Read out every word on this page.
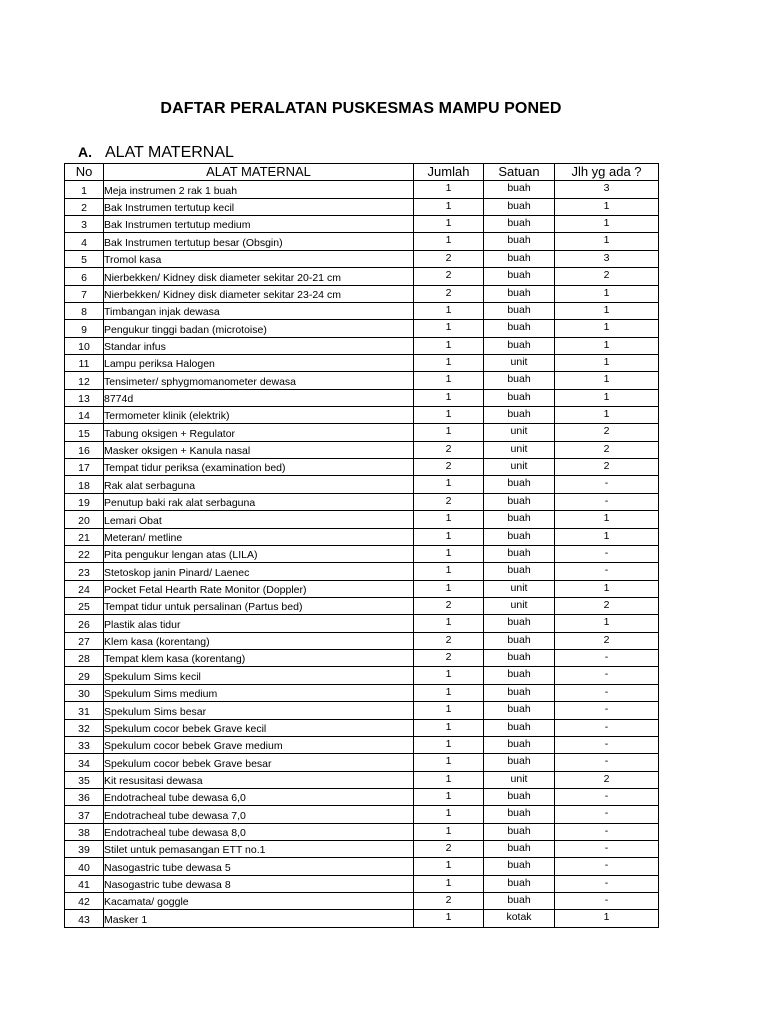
DAFTAR PERALATAN PUSKESMAS MAMPU PONED
A. ALAT MATERNAL
No	ALAT MATERNAL	Jumlah	Satuan	Jlh yg ada ?
1	Meja instrumen 2 rak 1 buah	1	buah	3
2	Bak Instrumen tertutup kecil	1	buah	1
3	Bak Instrumen tertutup medium	1	buah	1
4	Bak Instrumen tertutup besar (Obsgin)	1	buah	1
5	Tromol kasa	2	buah	3
6	Nierbekken/ Kidney disk diameter sekitar 20-21 cm	2	buah	2
7	Nierbekken/ Kidney disk diameter sekitar 23-24 cm	2	buah	1
8	Timbangan injak dewasa	1	buah	1
9	Pengukur tinggi badan (microtoise)	1	buah	1
10	Standar infus	1	buah	1
11	Lampu periksa Halogen	1	unit	1
12	Tensimeter/ sphygmomanometer dewasa	1	buah	1
13	8774d	1	buah	1
14	Termometer klinik (elektrik)	1	buah	1
15	Tabung oksigen + Regulator	1	unit	2
16	Masker oksigen + Kanula nasal	2	unit	2
17	Tempat tidur periksa (examination bed)	2	unit	2
18	Rak alat serbaguna	1	buah	-
19	Penutup baki rak alat serbaguna	2	buah	-
20	Lemari Obat	1	buah	1
21	Meteran/ metline	1	buah	1
22	Pita pengukur lengan atas (LILA)	1	buah	-
23	Stetoskop janin Pinard/ Laenec	1	buah	-
24	Pocket Fetal Hearth Rate Monitor (Doppler)	1	unit	1
25	Tempat tidur untuk persalinan (Partus bed)	2	unit	2
26	Plastik alas tidur	1	buah	1
27	Klem kasa (korentang)	2	buah	2
28	Tempat klem kasa (korentang)	2	buah	-
29	Spekulum Sims kecil	1	buah	-
30	Spekulum Sims medium	1	buah	-
31	Spekulum Sims besar	1	buah	-
32	Spekulum cocor bebek Grave kecil	1	buah	-
33	Spekulum cocor bebek Grave medium	1	buah	-
34	Spekulum cocor bebek Grave besar	1	buah	-
35	Kit resusitasi dewasa	1	unit	2
36	Endotracheal tube dewasa 6,0	1	buah	-
37	Endotracheal tube dewasa 7,0	1	buah	-
38	Endotracheal tube dewasa 8,0	1	buah	-
39	Stilet untuk pemasangan ETT no.1	2	buah	-
40	Nasogastric tube dewasa 5	1	buah	-
41	Nasogastric tube dewasa 8	1	buah	-
42	Kacamata/ goggle	2	buah	-
43	Masker 1	1	kotak	1
